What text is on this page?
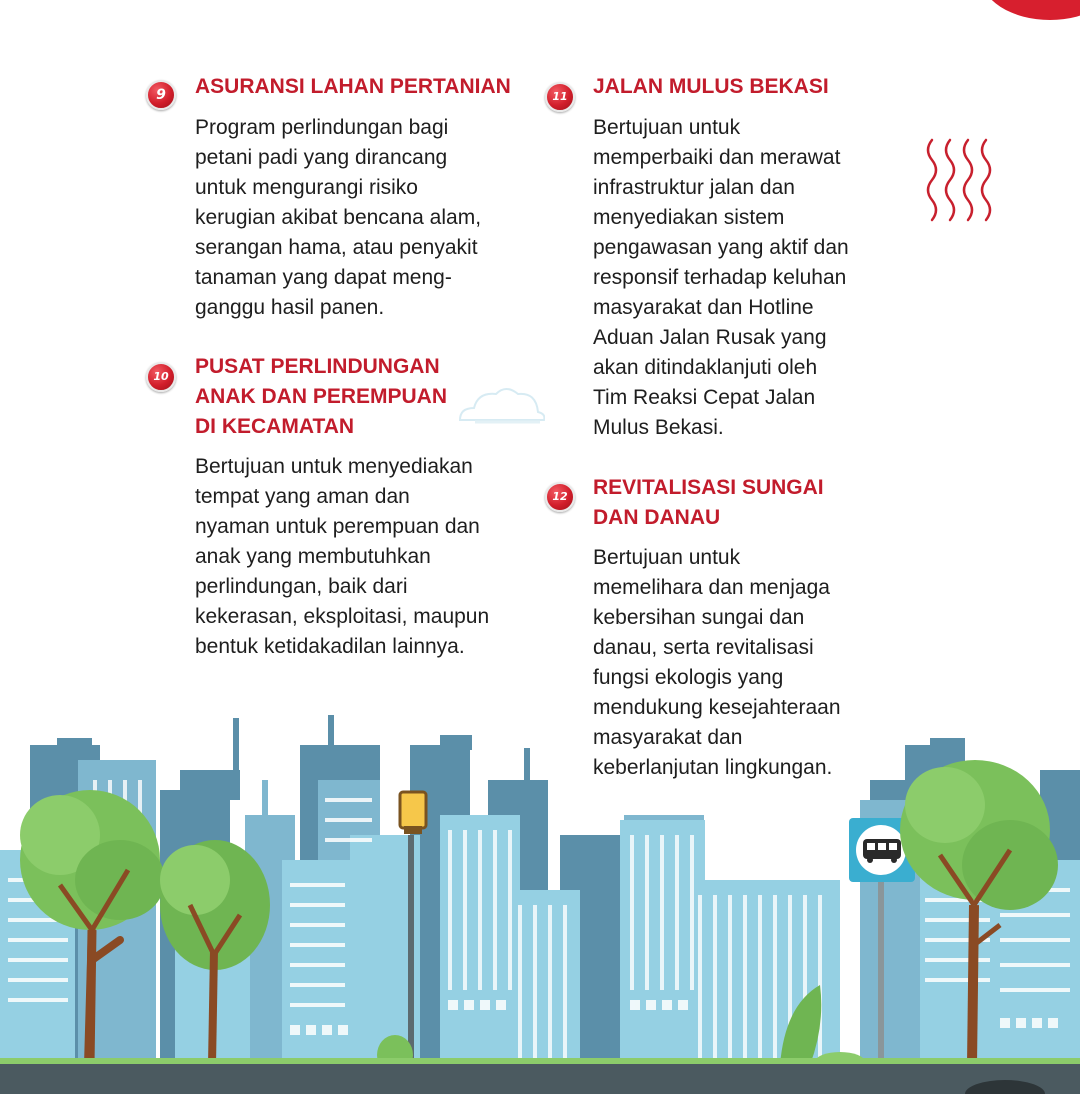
9	ASURANSI LAHAN PERTANIAN
Program perlindungan bagi
petani padi yang dirancang
untuk mengurangi risiko
kerugian akibat bencana alam,
serangan hama, atau penyakit
tanaman yang dapat meng-
ganggu hasil panen.
10	PUSAT PERLINDUNGAN
ANAK DAN PEREMPUAN
DI KECAMATAN
Bertujuan untuk menyediakan
tempat yang aman dan
nyaman untuk perempuan dan
anak yang membutuhkan
perlindungan, baik dari
kekerasan, eksploitasi, maupun
bentuk ketidakadilan lainnya.
11	JALAN MULUS BEKASI
Bertujuan untuk
memperbaiki dan merawat
infrastruktur jalan dan
menyediakan sistem
pengawasan yang aktif dan
responsif terhadap keluhan
masyarakat dan Hotline
Aduan Jalan Rusak yang
akan ditindaklanjuti oleh
Tim Reaksi Cepat Jalan
Mulus Bekasi.
12	REVITALISASI SUNGAI
DAN DANAU
Bertujuan untuk
memelihara dan menjaga
kebersihan sungai dan
danau, serta revitalisasi
fungsi ekologis yang
mendukung kesejahteraan
masyarakat dan
keberlanjutan lingkungan.
